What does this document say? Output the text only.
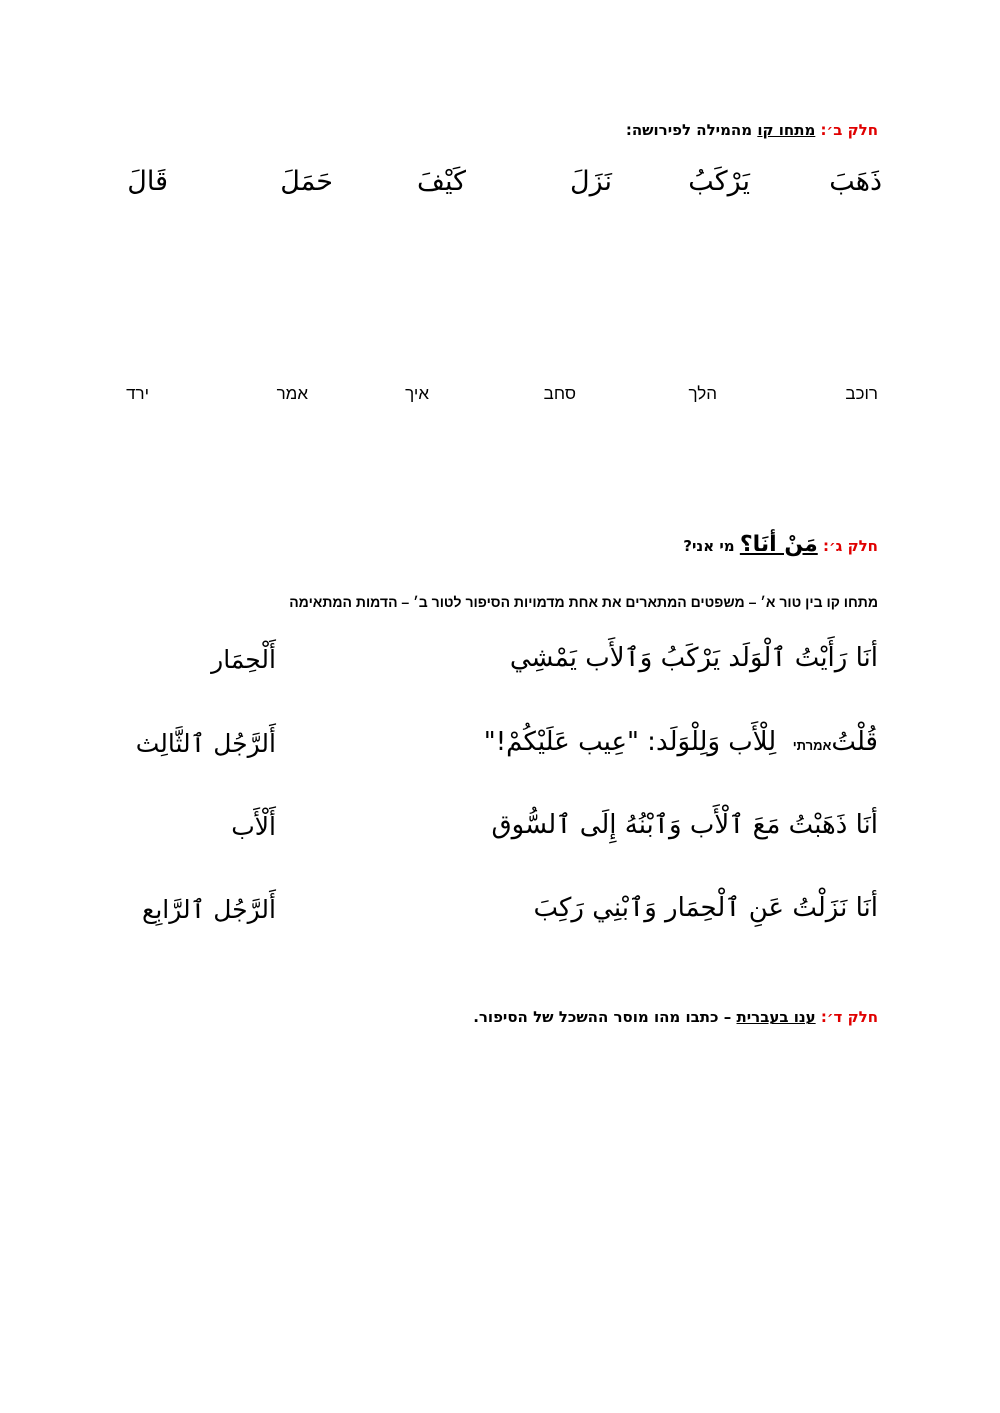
חלק ב׳: מתחו קו מהמילה לפירושה:
ذَهَبَ
يَرْكَبُ
نَزَلَ
كَيْفَ
حَمَلَ
قَالَ
רוכב
הלך
סחב
איך
אמר
ירד
חלק ג׳: مَنْ أنَا؟ מי אני?
מתחו קו בין טור א׳ – משפטים המתארים את אחת מדמויות הסיפור לטור ב׳ – הדמות המתאימה
أنَا رَأَيْتُ ٱلْوَلَد يَرْكَبُ وَٱلأَب يَمْشِي
قُلْتُאמרתי  لِلْأَب وَلِلْوَلَد: "عِيب عَلَيْكُمْ!"
أنَا ذَهَبْتُ مَعَ ٱلْأَب وَٱبْنُهُ إِلَى ٱلسُّوق
أنَا نَزَلْتُ عَنِ ٱلْحِمَار وَٱبْنِي رَكِبَ
أَلْحِمَار
أَلرَّجُل ٱلثَّالِث
أَلْأَب
أَلرَّجُل ٱلرَّابِع
חלק ד׳: ענו בעברית – כתבו מהו מוסר ההשכל של הסיפור.
